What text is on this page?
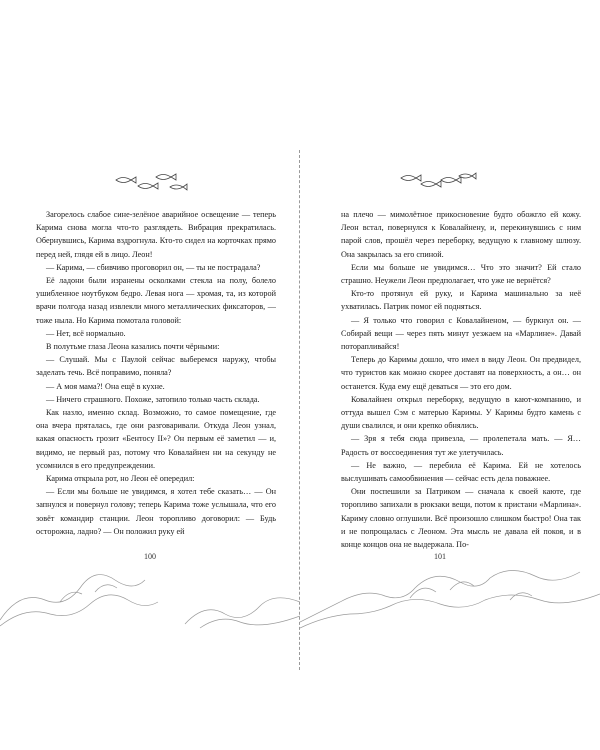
Загорелось слабое сине-зелёное аварийное освещение — теперь Карима снова могла что-то разглядеть. Вибрация прекратилась. Обернувшись, Карима вздрогнула. Кто-то сидел на корточках прямо перед ней, глядя ей в лицо. Леон!

— Карима, — сбивчиво проговорил он, — ты не пострадала?

Её ладони были изранены осколками стекла на полу, болело ушибленное ноутбуком бедро. Левая нога — хромая, та, из которой врачи полгода назад извлекли много металлических фиксаторов, — тоже ныла. Но Карима помотала головой:

— Нет, всё нормально.

В полутьме глаза Леона казались почти чёрными:

— Слушай. Мы с Паулой сейчас выберемся наружу, чтобы заделать течь. Всё поправимо, поняла?

— А моя мама?! Она ещё в кухне.

— Ничего страшного. Похоже, затопило только часть склада.

Как назло, именно склад. Возможно, то самое помещение, где она вчера пряталась, где они разговаривали. Откуда Леон узнал, какая опасность грозит «Бентосу II»? Он первым её заметил — и, видимо, не первый раз, потому что Ковалайнен ни на секунду не усомнился в его предупреждении.

Карима открыла рот, но Леон её опередил:

— Если мы больше не увидимся, я хотел тебе сказать… — Он запнулся и повернул голову; теперь Карима тоже услышала, что его зовёт командир станции. Леон торопливо договорил: — Будь осторожна, ладно? — Он положил руку ей

100

на плечо — мимолётное прикосновение будто обожгло ей кожу. Леон встал, повернулся к Ковалайнену, и, перекинувшись с ним парой слов, прошёл через переборку, ведущую к главному шлюзу. Она закрылась за его спиной.

Если мы больше не увидимся… Что это значит? Ей стало страшно. Неужели Леон предполагает, что уже не вернётся?

Кто-то протянул ей руку, и Карима машинально за неё ухватилась. Патрик помог ей подняться.

— Я только что говорил с Ковалайненом, — буркнул он. — Собирай вещи — через пять минут уезжаем на «Марлине». Давай поторапливайся!

Теперь до Каримы дошло, что имел в виду Леон. Он предвидел, что туристов как можно скорее доставят на поверхность, а он… он останется. Куда ему ещё деваться — это его дом.

Ковалайнен открыл переборку, ведущую в кают-компанию, и оттуда вышел Сэм с матерью Каримы. У Каримы будто камень с души свалился, и они крепко обнялись.

— Зря я тебя сюда привезла, — пролепетала мать. — Я… Радость от воссоединения тут же улетучилась.

— Не важно, — перебила её Карима. Ей не хотелось выслушивать самообвинения — сейчас есть дела поважнее.

Они поспешили за Патриком — сначала к своей каюте, где торопливо запихали в рюкзаки вещи, потом к пристани «Марлина». Кариму словно оглушили. Всё произошло слишком быстро! Она так и не попрощалась с Леоном. Эта мысль не давала ей покоя, и в конце концов она не выдержала. По-

101
